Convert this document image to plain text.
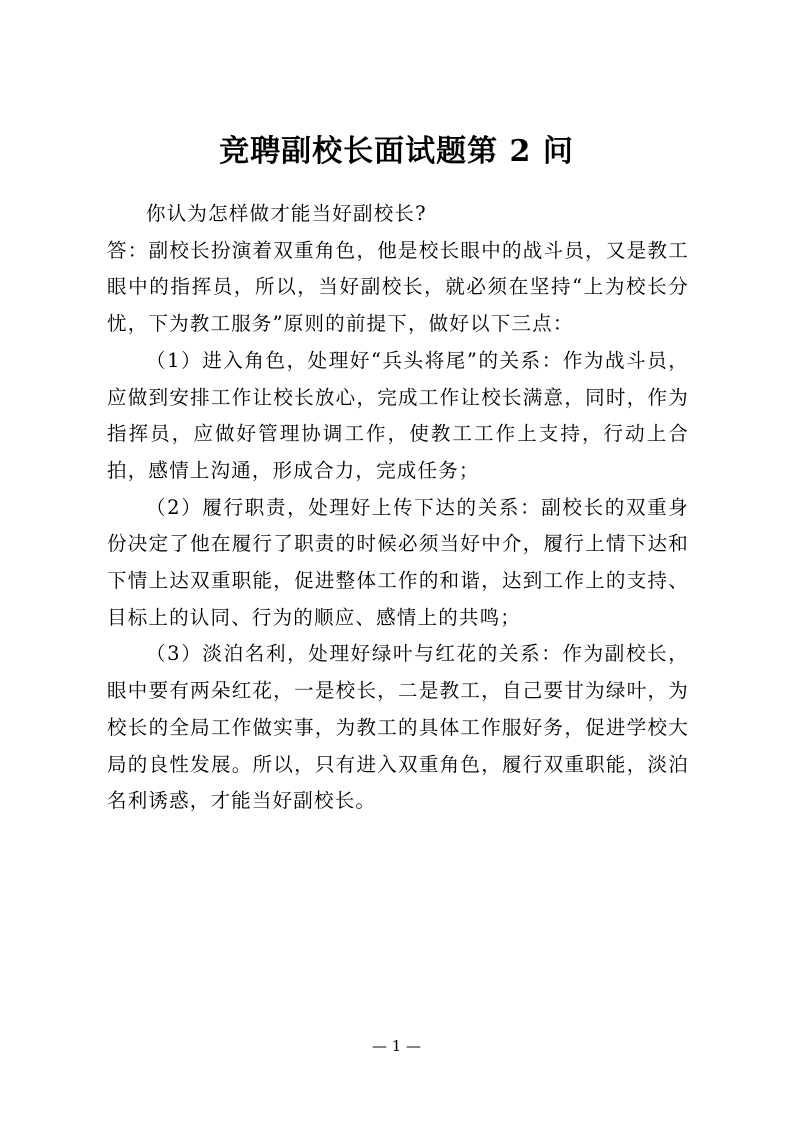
竞聘副校长面试题第 2 问

你认为怎样做才能当好副校长?

答：副校长扮演着双重角色，他是校长眼中的战斗员，又是教工眼中的指挥员，所以，当好副校长，就必须在坚持“上为校长分忧，下为教工服务”原则的前提下，做好以下三点：

（1）进入角色，处理好“兵头将尾”的关系：作为战斗员，应做到安排工作让校长放心，完成工作让校长满意，同时，作为指挥员，应做好管理协调工作，使教工工作上支持，行动上合拍，感情上沟通，形成合力，完成任务；

（2）履行职责，处理好上传下达的关系：副校长的双重身份决定了他在履行了职责的时候必须当好中介，履行上情下达和下情上达双重职能，促进整体工作的和谐，达到工作上的支持、目标上的认同、行为的顺应、感情上的共鸣；

（3）淡泊名利，处理好绿叶与红花的关系：作为副校长，眼中要有两朵红花，一是校长，二是教工，自己要甘为绿叶，为校长的全局工作做实事，为教工的具体工作服好务，促进学校大局的良性发展。所以，只有进入双重角色，履行双重职能，淡泊名利诱惑，才能当好副校长。

— 1 —
